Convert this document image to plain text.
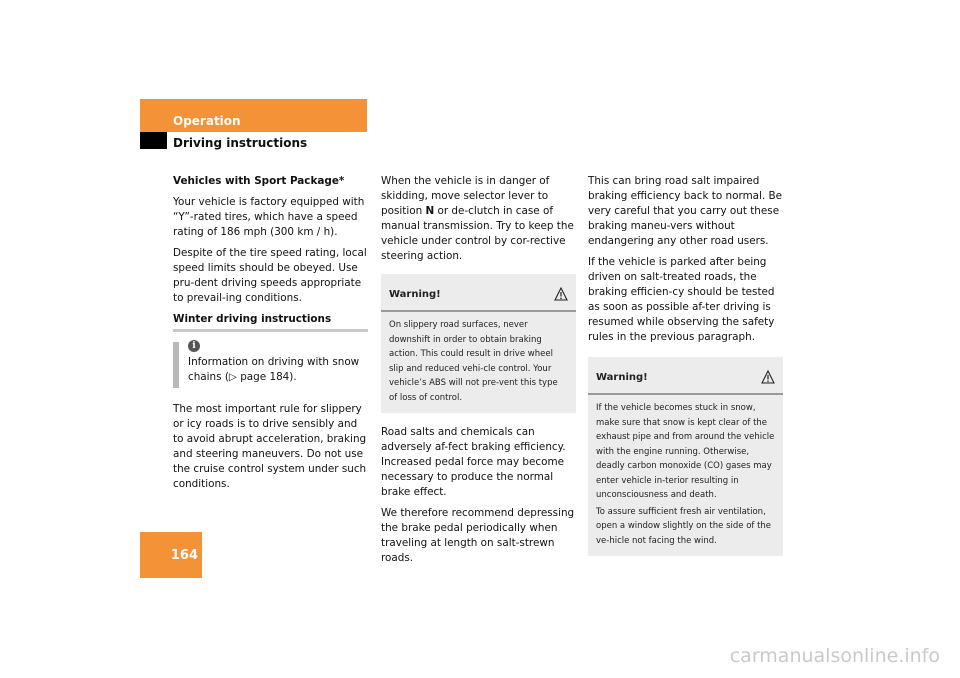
Operation
Driving instructions

Vehicles with Sport Package*

Your vehicle is factory equipped with “Y”-rated tires, which have a speed rating of 186 mph (300 km / h).

Despite of the tire speed rating, local speed limits should be obeyed. Use pru-dent driving speeds appropriate to prevail-ing conditions.

Winter driving instructions

i
Information on driving with snow
chains (▷ page 184).

The most important rule for slippery or icy roads is to drive sensibly and to avoid abrupt acceleration, braking and steering maneuvers. Do not use the cruise control system under such conditions.

When the vehicle is in danger of skidding, move selector lever to position N or de-clutch in case of manual transmission. Try to keep the vehicle under control by cor-rective steering action.

Warning!

On slippery road surfaces, never downshift in order to obtain braking action. This could result in drive wheel slip and reduced vehi-cle control. Your vehicle’s ABS will not pre-vent this type of loss of control.

Road salts and chemicals can adversely af-fect braking efficiency. Increased pedal force may become necessary to produce the normal brake effect.

We therefore recommend depressing the brake pedal periodically when traveling at length on salt-strewn roads.

This can bring road salt impaired braking efficiency back to normal. Be very careful that you carry out these braking maneu-vers without endangering any other road users.

If the vehicle is parked after being driven on salt-treated roads, the braking efficien-cy should be tested as soon as possible af-ter driving is resumed while observing the safety rules in the previous paragraph.

Warning!

If the vehicle becomes stuck in snow, make sure that snow is kept clear of the exhaust pipe and from around the vehicle with the engine running. Otherwise, deadly carbon monoxide (CO) gases may enter vehicle in-terior resulting in unconsciousness and death.

To assure sufficient fresh air ventilation, open a window slightly on the side of the ve-hicle not facing the wind.

164
carmanualsonline.info
